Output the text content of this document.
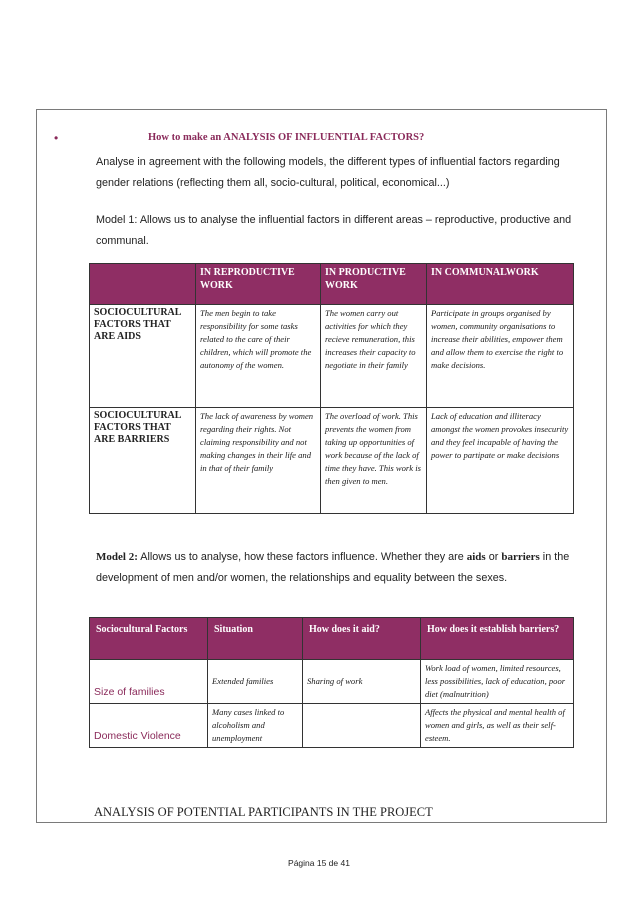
•	How to make an ANALYSIS OF INFLUENTIAL FACTORS?
Analyse in agreement with the following models, the different types of influential factors regarding gender relations (reflecting them all, socio-cultural, political, economical...)
Model 1: Allows us to analyse the influential factors in different areas – reproductive, productive and communal.
	IN REPRODUCTIVE WORK	IN PRODUCTIVE WORK	IN COMMUNALWORK
SOCIOCULTURAL FACTORS THAT ARE AIDS	The men begin to take responsibility for some tasks related to the care of their children, which will promote the autonomy of the women.	The women carry out activities for which they recieve remuneration, this increases their capacity to negotiate in their family	Participate in groups organised by women, community organisations to increase their abilities, empower them and allow them to exercise the right to make decisions.
SOCIOCULTURAL FACTORS THAT ARE BARRIERS	The lack of awareness by women regarding their rights. Not claiming responsibility and not making changes in their life and in that of their family	The overload of work. This prevents the women from taking up opportunities of work because of the lack of time they have. This work is then given to men.	Lack of education and illiteracy amongst the women provokes insecurity and they feel incapable of having the power to partipate or make decisions
Model 2: Allows us to analyse, how these factors influence. Whether they are aids or barriers in the development of men and/or women, the relationships and equality between the sexes.
Sociocultural Factors	Situation	How does it aid?	How does it establish barriers?
Size of families	Extended families	Sharing of work	Work load of women, limited resources, less possibilities, lack of education, poor diet (malnutrition)
Domestic Violence	Many cases linked to alcoholism and unemployment		Affects the physical and mental health of women and girls, as well as their self-esteem.
ANALYSIS OF POTENTIAL PARTICIPANTS IN THE PROJECT
Página 15 de 41
